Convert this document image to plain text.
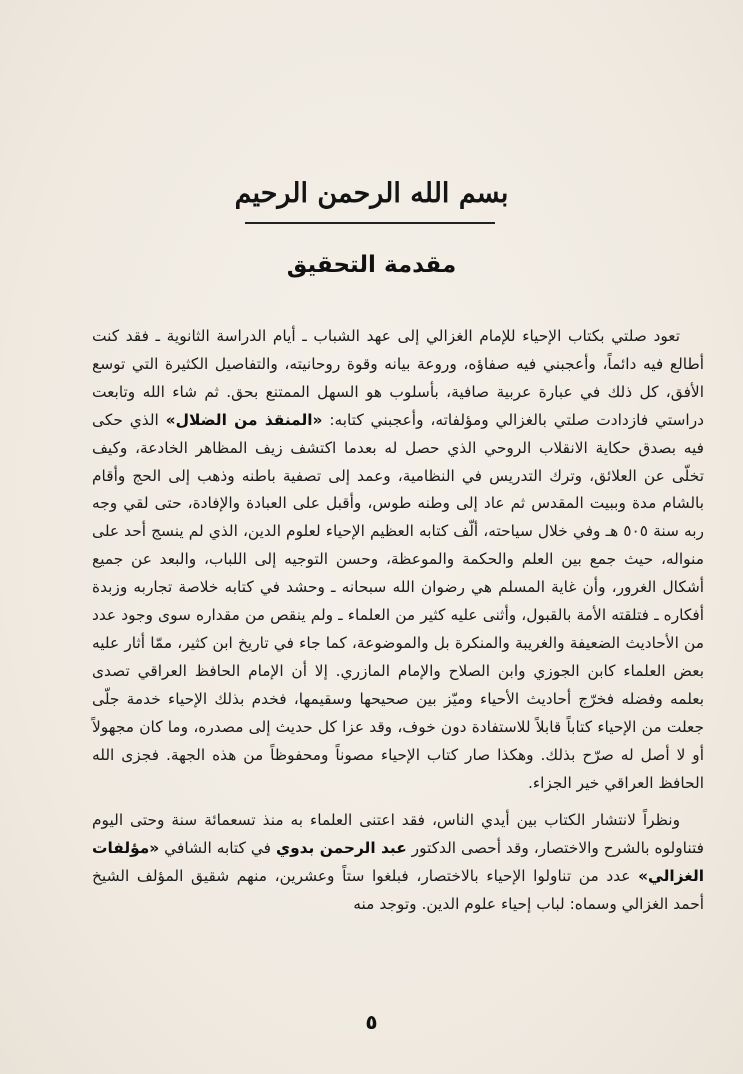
بسم الله الرحمن الرحيم
مقدمة التحقيق

تعود صلتي بكتاب الإحياء للإمام الغزالي إلى عهد الشباب ـ أيام الدراسة الثانوية ـ فقد كنت أطالع فيه دائماً، وأعجبني فيه صفاؤه، وروعة بيانه وقوة روحانيته، والتفاصيل الكثيرة التي توسع الأفق، كل ذلك في عبارة عربية صافية، بأسلوب هو السهل الممتنع بحق. ثم شاء الله وتابعت دراستي فازدادت صلتي بالغزالي ومؤلفاته، وأعجبني كتابه: «المنقذ من الضلال» الذي حكى فيه بصدق حكاية الانقلاب الروحي الذي حصل له بعدما اكتشف زيف المظاهر الخادعة، وكيف تخلّى عن العلائق، وترك التدريس في النظامية، وعمد إلى تصفية باطنه وذهب إلى الحج وأقام بالشام مدة وببيت المقدس ثم عاد إلى وطنه طوس، وأقبل على العبادة والإفادة، حتى لقي وجه ربه سنة ٥٠٥ هـ وفي خلال سياحته، ألّف كتابه العظيم الإحياء لعلوم الدين، الذي لم ينسج أحد على منواله، حيث جمع بين العلم والحكمة والموعظة، وحسن التوجيه إلى اللباب، والبعد عن جميع أشكال الغرور، وأن غاية المسلم هي رضوان الله سبحانه ـ وحشد في كتابه خلاصة تجاربه وزبدة أفكاره ـ فتلقته الأمة بالقبول، وأثنى عليه كثير من العلماء ـ ولم ينقص من مقداره سوى وجود عدد من الأحاديث الضعيفة والغريبة والمنكرة بل والموضوعة، كما جاء في تاريخ ابن كثير، ممّا أثار عليه بعض العلماء كابن الجوزي وابن الصلاح والإمام المازري. إلا أن الإمام الحافظ العراقي تصدى بعلمه وفضله فخرّج أحاديث الأحياء وميّز بين صحيحها وسقيمها، فخدم بذلك الإحياء خدمة جلّى جعلت من الإحياء كتاباً قابلاً للاستفادة دون خوف، وقد عزا كل حديث إلى مصدره، وما كان مجهولاً أو لا أصل له صرّح بذلك. وهكذا صار كتاب الإحياء مصوناً ومحفوظاً من هذه الجهة. فجزى الله الحافظ العراقي خير الجزاء.

ونظراً لانتشار الكتاب بين أيدي الناس، فقد اعتنى العلماء به منذ تسعمائة سنة وحتى اليوم فتناولوه بالشرح والاختصار، وقد أحصى الدكتور عبد الرحمن بدوي في كتابه الشافي «مؤلفات الغزالي» عدد من تناولوا الإحياء بالاختصار، فبلغوا ستاً وعشرين، منهم شقيق المؤلف الشيخ أحمد الغزالي وسماه: لباب إحياء علوم الدين. وتوجد منه

٥
